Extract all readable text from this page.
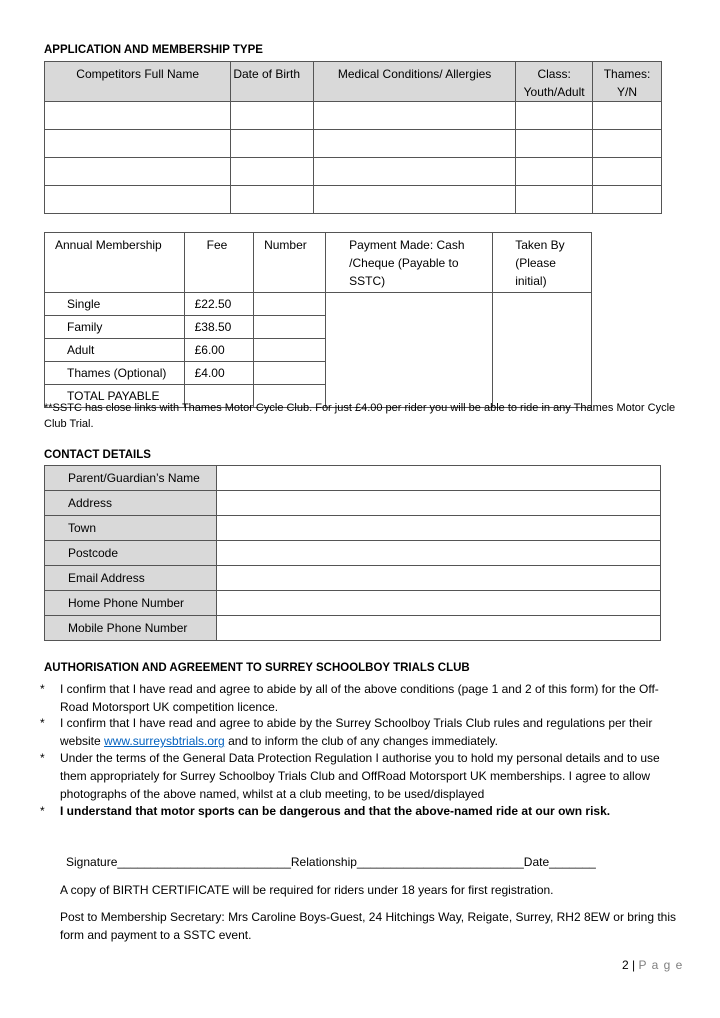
APPLICATION AND MEMBERSHIP TYPE
Competitors Full Name	Date of Birth	Medical Conditions/ Allergies	Class: Youth/Adult	Thames: Y/N

Annual Membership	Fee	Number	Payment Made: Cash /Cheque (Payable to SSTC)	Taken By (Please initial)
Single	£22.50			
Family	£38.50			
Adult	£6.00			
Thames (Optional)	£4.00			
TOTAL PAYABLE				
**SSTC has close links with Thames Motor Cycle Club. For just £4.00 per rider you will be able to ride in any Thames Motor Cycle Club Trial.
CONTACT DETAILS
Parent/Guardian’s Name	
Address	
Town	
Postcode	
Email Address	
Home Phone Number	
Mobile Phone Number	
AUTHORISATION AND AGREEMENT TO SURREY SCHOOLBOY TRIALS CLUB
* I confirm that I have read and agree to abide by all of the above conditions (page 1 and 2 of this form) for the Off-Road Motorsport UK competition licence.
* I confirm that I have read and agree to abide by the Surrey Schoolboy Trials Club rules and regulations per their website www.surreysbtrials.org and to inform the club of any changes immediately.
* Under the terms of the General Data Protection Regulation I authorise you to hold my personal details and to use them appropriately for Surrey Schoolboy Trials Club and OffRoad Motorsport UK memberships. I agree to allow photographs of the above named, whilst at a club meeting, to be used/displayed
* I understand that motor sports can be dangerous and that the above-named ride at our own risk.
Signature__________________________Relationship_________________________Date_______
A copy of BIRTH CERTIFICATE will be required for riders under 18 years for first registration.
Post to Membership Secretary: Mrs Caroline Boys-Guest, 24 Hitchings Way, Reigate, Surrey, RH2 8EW or bring this form and payment to a SSTC event.
2 | P a g e
